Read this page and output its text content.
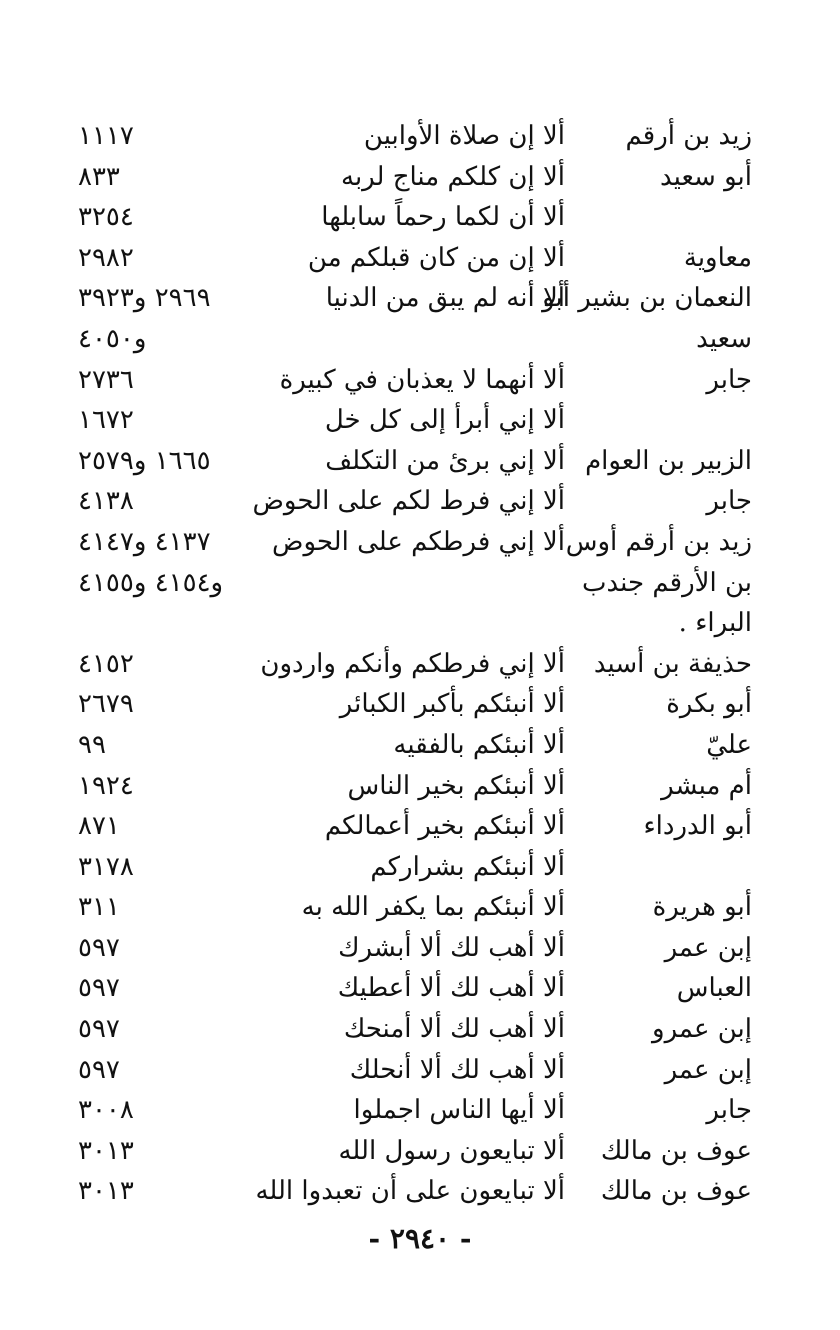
زيد بن أرقم
ألا إن صلاة الأوابين
١١١٧
أبو سعيد
ألا إن كلكم مناج لربه
٨٣٣
ألا أن لكما رحماً سابلها
٣٢٥٤
معاوية
ألا إن من كان قبلكم من
٢٩٨٢
النعمان بن بشير أبو
ألا أنه لم يبق من الدنيا
٢٩٦٩ و٣٩٢٣
سعيد
و٤٠٥٠
جابر
ألا أنهما لا يعذبان في كبيرة
٢٧٣٦
ألا إني أبرأ إلى كل خل
١٦٧٢
الزبير بن العوام
ألا إني برئ من التكلف
١٦٦٥ و٢٥٧٩
جابر
ألا إني فرط لكم على الحوض
٤١٣٨
زيد بن أرقم أوس
ألا إني فرطكم على الحوض
٤١٣٧ و٤١٤٧
بن الأرقم جندب
و٤١٥٤ و٤١٥٥
البراء .
حذيفة بن أسيد
ألا إني فرطكم وأنكم واردون
٤١٥٢
أبو بكرة
ألا أنبئكم بأكبر الكبائر
٢٦٧٩
عليّ
ألا أنبئكم بالفقيه
٩٩
أم مبشر
ألا أنبئكم بخير الناس
١٩٢٤
أبو الدرداء
ألا أنبئكم بخير أعمالكم
٨٧١
ألا أنبئكم بشراركم
٣١٧٨
أبو هريرة
ألا أنبئكم بما يكفر الله به
٣١١
إبن عمر
ألا أهب لك ألا أبشرك
٥٩٧
العباس
ألا أهب لك ألا أعطيك
٥٩٧
إبن عمرو
ألا أهب لك ألا أمنحك
٥٩٧
إبن عمر
ألا أهب لك ألا أنحلك
٥٩٧
جابر
ألا أيها الناس اجملوا
٣٠٠٨
عوف بن مالك
ألا تبايعون رسول الله
٣٠١٣
عوف بن مالك
ألا تبايعون على أن تعبدوا الله
٣٠١٣
- ٢٩٤٠ -
